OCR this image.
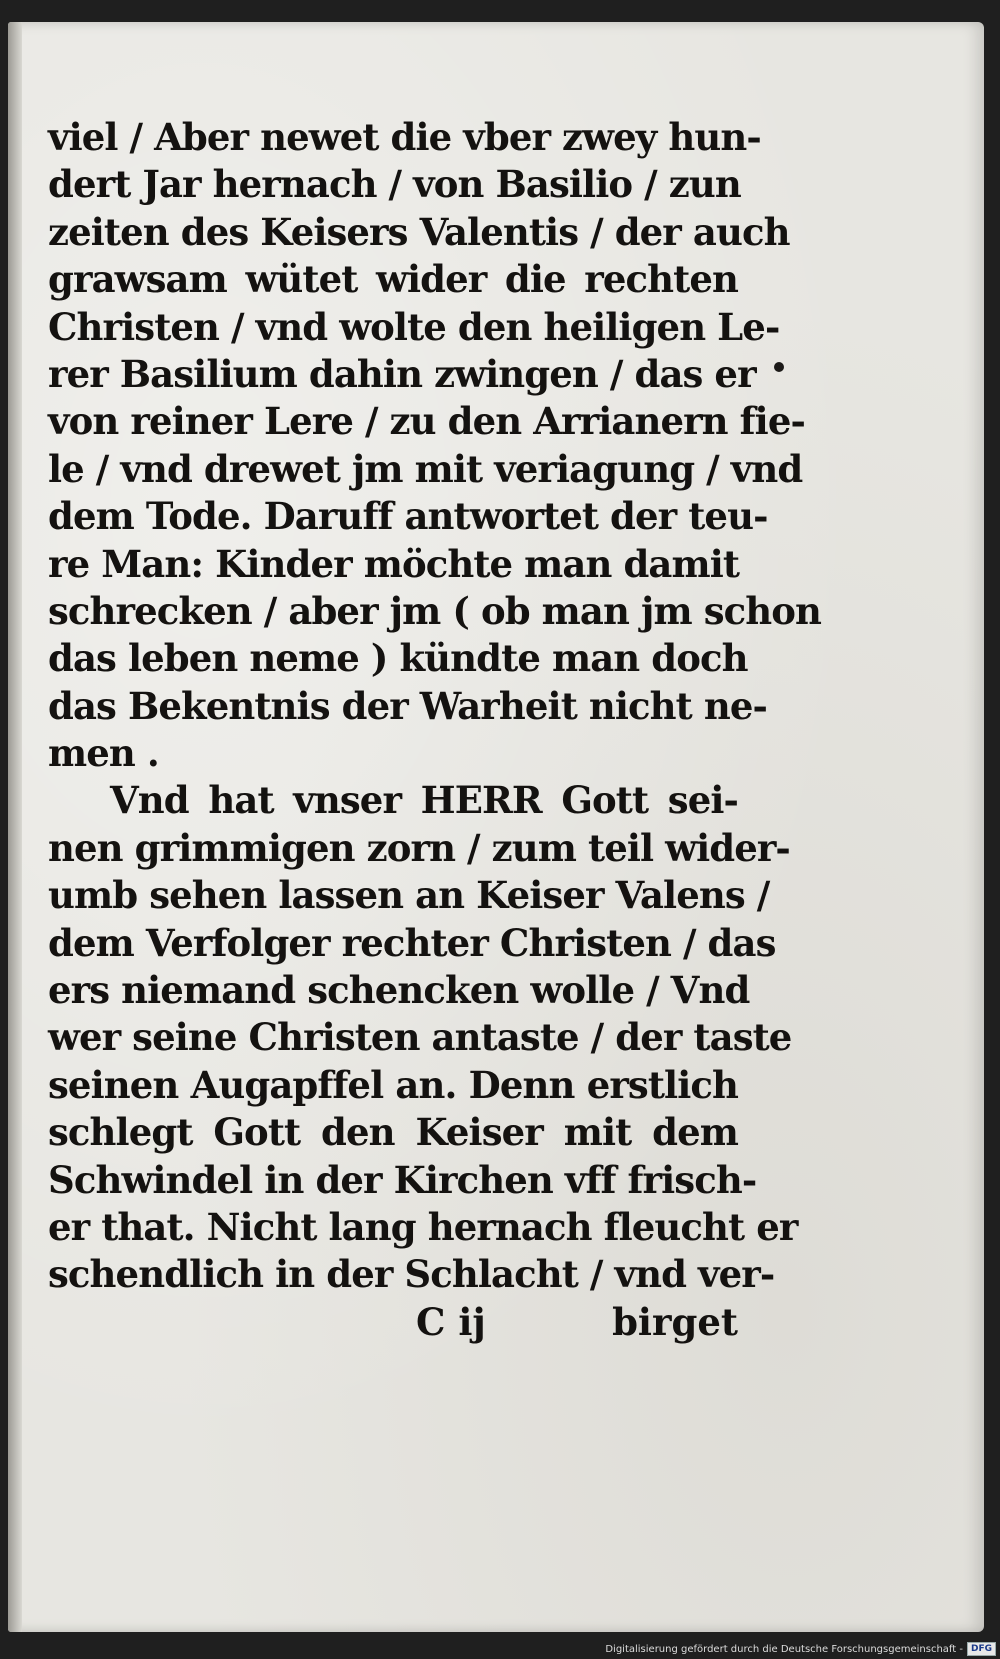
viel / Aber newet die vber zwey hun-
dert Jar hernach / von Basilio / zun
zeiten des Keisers Valentis / der auch
grawsam wütet wider die rechten
Christen / vnd wolte den heiligen Le-
rer Basilium dahin zwingen / das er
von reiner Lere / zu den Arrianern fie-
le / vnd drewet jm mit veriagung / vnd
dem Tode. Daruff antwortet der teu-
re Man: Kinder möchte man damit
schrecken / aber jm ( ob man jm schon
das leben neme ) kündte man doch
das Bekentnis der Warheit nicht ne-
men .
Vnd hat vnser HERR Gott sei-
nen grimmigen zorn / zum teil wider-
umb sehen lassen an Keiser Valens /
dem Verfolger rechter Christen / das
ers niemand schencken wolle / Vnd
wer seine Christen antaste / der taste
seinen Augapffel an. Denn erstlich
schlegt Gott den Keiser mit dem
Schwindel in der Kirchen vff frisch-
er that. Nicht lang hernach fleucht er
schendlich in der Schlacht / vnd ver-
C ij	birget
Digitalisierung gefördert durch die Deutsche Forschungsgemeinschaft - DFG
